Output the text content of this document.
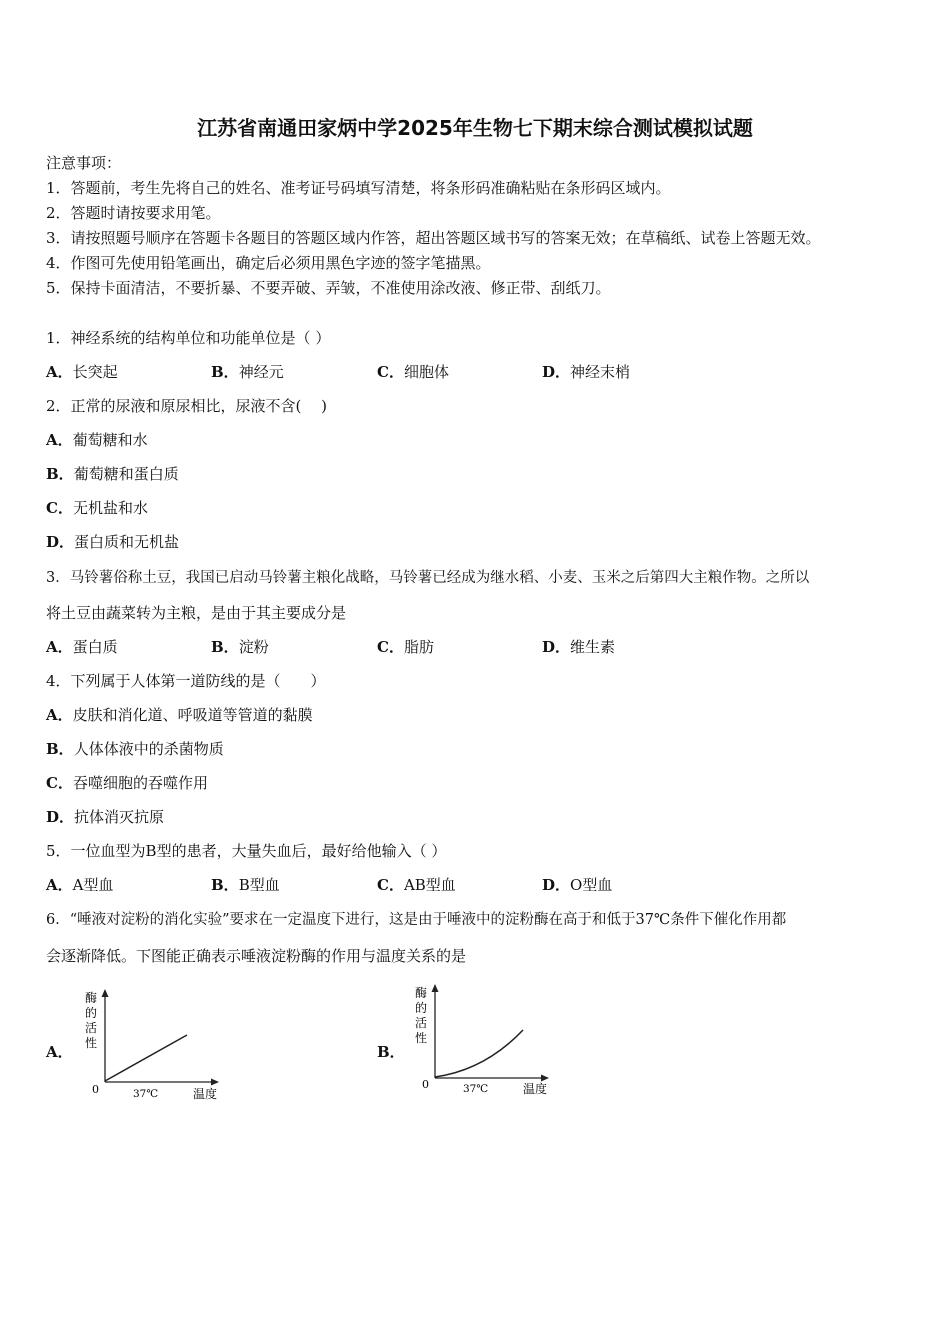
江苏省南通田家炳中学2025年生物七下期末综合测试模拟试题
注意事项：
1．答题前，考生先将自己的姓名、准考证号码填写清楚，将条形码准确粘贴在条形码区域内。
2．答题时请按要求用笔。
3．请按照题号顺序在答题卡各题目的答题区域内作答，超出答题区域书写的答案无效；在草稿纸、试卷上答题无效。
4．作图可先使用铅笔画出，确定后必须用黑色字迹的签字笔描黑。
5．保持卡面清洁，不要折暴、不要弄破、弄皱，不准使用涂改液、修正带、刮纸刀。
1．神经系统的结构单位和功能单位是（ ）
A．长突起	B．神经元	C．细胞体	D．神经末梢
2．正常的尿液和原尿相比，尿液不含(　 )
A．葡萄糖和水
B．葡萄糖和蛋白质
C．无机盐和水
D．蛋白质和无机盐
3．马铃薯俗称土豆，我国已启动马铃薯主粮化战略，马铃薯已经成为继水稻、小麦、玉米之后第四大主粮作物。之所以
将土豆由蔬菜转为主粮，是由于其主要成分是
A．蛋白质	B．淀粉	C．脂肪	D．维生素
4．下列属于人体第一道防线的是（　　）
A．皮肤和消化道、呼吸道等管道的黏膜
B．人体体液中的杀菌物质
C．吞噬细胞的吞噬作用
D．抗体消灭抗原
5．一位血型为B型的患者，大量失血后，最好给他输入（ ）
A．A型血	B．B型血	C．AB型血	D．O型血
6．“唾液对淀粉的消化实验”要求在一定温度下进行，这是由于唾液中的淀粉酶在高于和低于37℃条件下催化作用都
会逐渐降低。下图能正确表示唾液淀粉酶的作用与温度关系的是
A．	B．
酶
的
活
性
0	37℃	温度
酶
的
活
性
0	37℃	温度
